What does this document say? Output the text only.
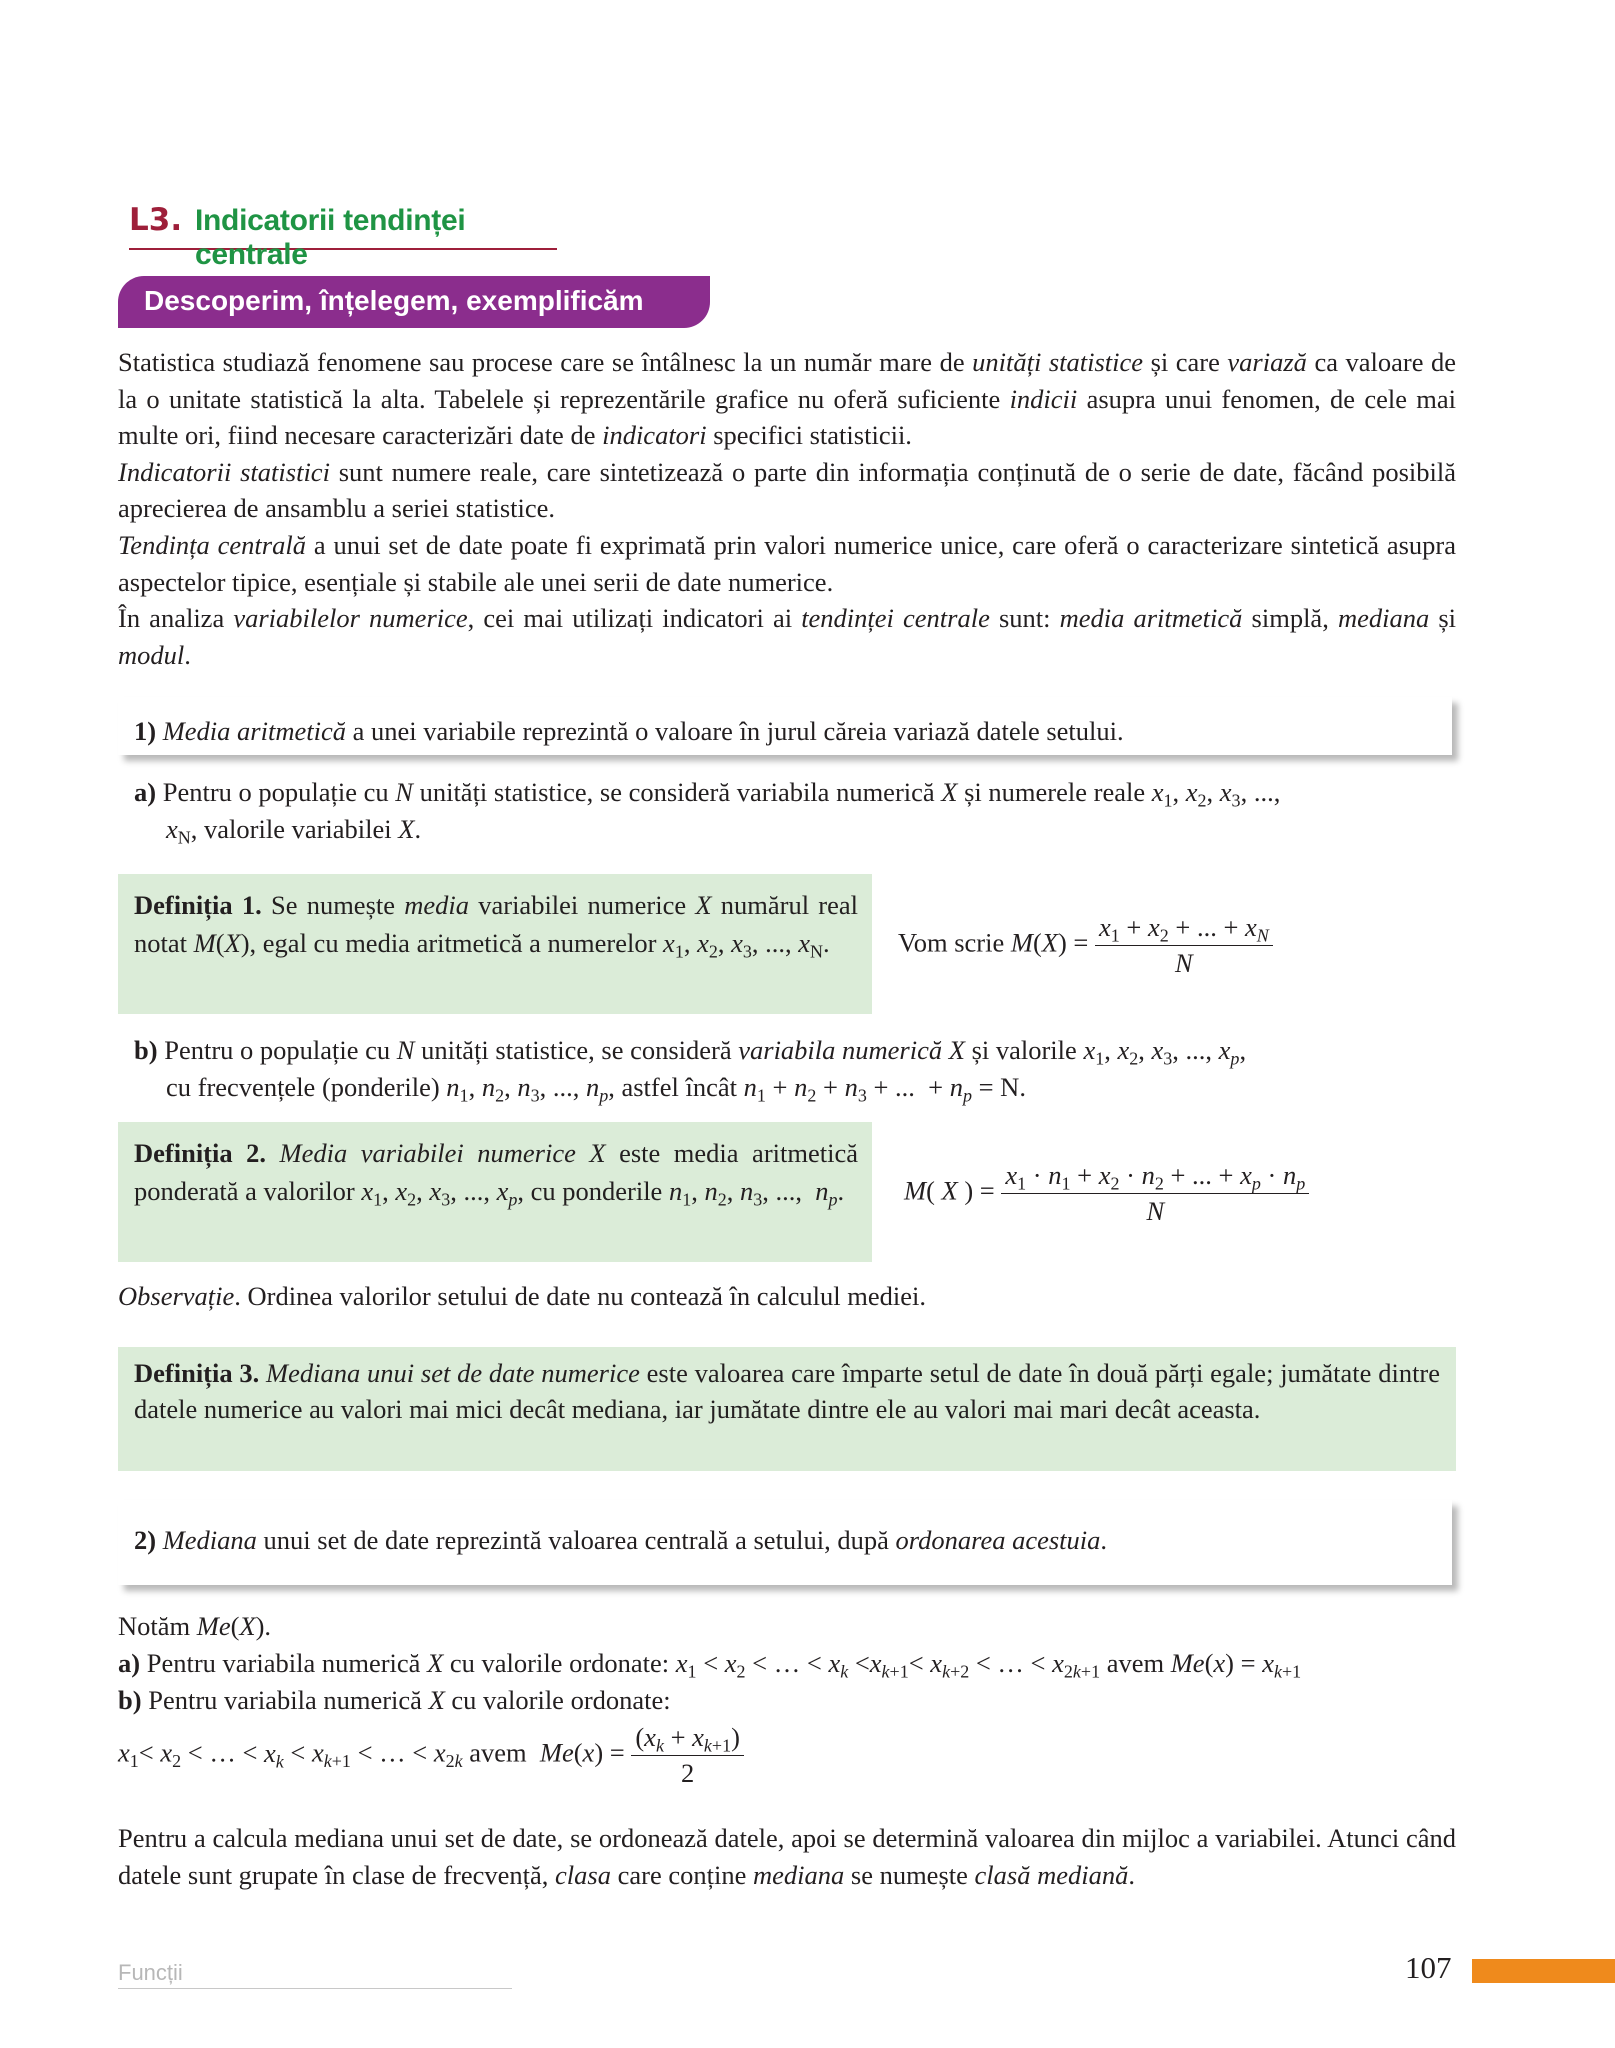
L3. Indicatorii tendinței centrale
Descoperim, înțelegem, exemplificăm

Statistica studiază fenomene sau procese care se întâlnesc la un număr mare de unități statistice și care variază ca valoare de la o unitate statistică la alta. Tabelele și reprezentările grafice nu oferă suficiente indicii asupra unui fenomen, de cele mai multe ori, fiind necesare caracterizări date de indicatori specifici statisticii.

Indicatorii statistici sunt numere reale, care sintetizează o parte din informația conținută de o serie de date, făcând posibilă aprecierea de ansamblu a seriei statistice.

Tendința centrală a unui set de date poate fi exprimată prin valori numerice unice, care oferă o caracterizare sintetică asupra aspectelor tipice, esențiale și stabile ale unei serii de date numerice.

În analiza variabilelor numerice, cei mai utilizați indicatori ai tendinței centrale sunt: media aritmetică simplă, mediana și modul.

1) Media aritmetică a unei variabile reprezintă o valoare în jurul căreia variază datele setului.

a) Pentru o populație cu N unități statistice, se consideră variabila numerică X și numerele reale $x_1$, $x_2$, $x_3$, ...,

$x_N$, valorile variabilei X.

Definiția 1. Se numește media variabilei numerice X numărul real notat M(X), egal cu media aritmetică a numerelor $x_1$, $x_2$, $x_3$, ..., $x_N$.	Vom scrie $M(X) = \frac{x_1 + x_2 + ... + x_N}{N}$

b) Pentru o populație cu N unități statistice, se consideră variabila numerică X și valorile $x_1$, $x_2$, $x_3$, ..., $x_p$,

cu frecvențele (ponderile) $n_1$, $n_2$, $n_3$, ..., $n_p$, astfel încât $n_1 + n_2 + n_3$ + ...  + $n_p = N$.

Definiția 2. Media variabilei numerice X este media aritmetică ponderată a valorilor $x_1$, $x_2$, $x_3$, ..., $x_p$, cu ponderile $n_1$, $n_2$, $n_3$, ...,  $n_p$.	M( X ) = $\frac{x_1 \cdot n_1 + x_2 \cdot n_2 + ... + x_p \cdot n_p}{N}$
Observație. Ordinea valorilor setului de date nu contează în calculul mediei.
Definiția 3. Mediana unui set de date numerice este valoarea care împarte setul de date în două părți egale; jumătate dintre datele numerice au valori mai mici decât mediana, iar jumătate dintre ele au valori mai mari decât aceasta.

2) Mediana unui set de date reprezintă valoarea centrală a setului, după ordonarea acestuia.

Notăm Me(X).

a) Pentru variabila numerică X cu valorile ordonate: $x_1 < x_2$ < … < $x_k <x_{k+1}< x_{k+2}$ < … < $x_{2k+1}$ avem $Me(x) = x_{k+1}$

b) Pentru variabila numerică X cu valorile ordonate:

$x_1< x_2$ < … < $x_k < x_{k+1}$ < … < $x_{2k}$ avem  $Me(x) = \frac{(x_k + x_{k+1})}{2}$
Pentru a calcula mediana unui set de date, se ordonează datele, apoi se determină valoarea din mijloc a variabilei. Atunci când datele sunt grupate în clase de frecvență, clasa care conține mediana se numește clasă mediană.
Funcții	107
